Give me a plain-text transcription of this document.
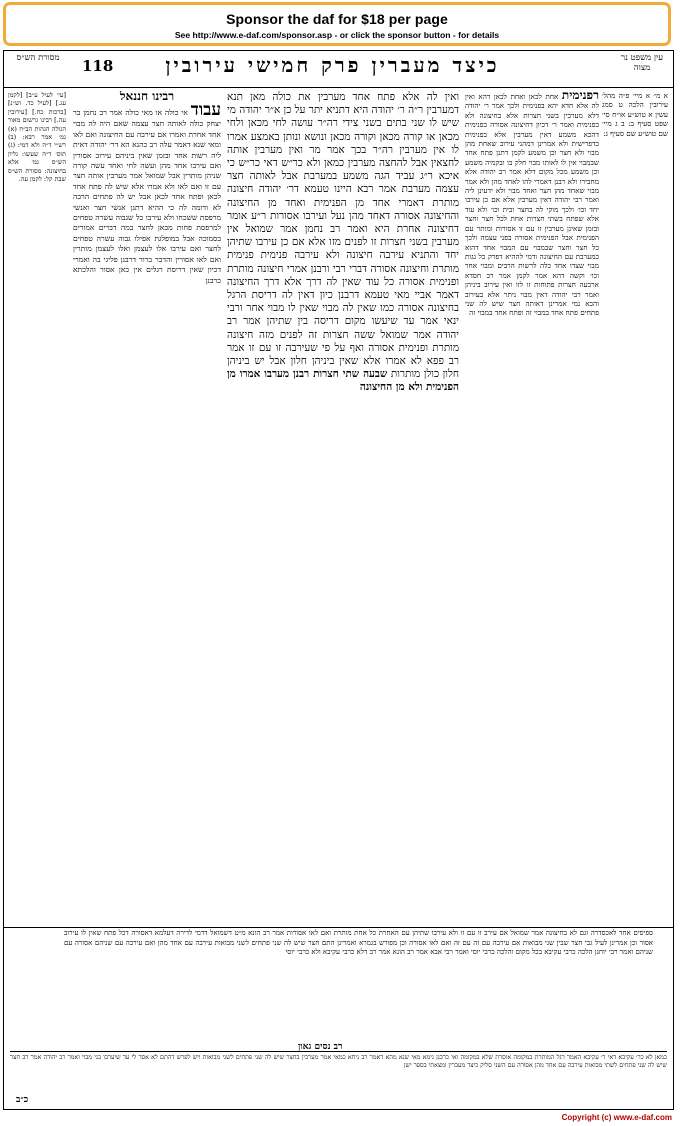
Sponsor the daf for $18 per page
See http://www.e-daf.com/sponsor.asp - or click the sponsor button - for details
עין משפט נר מצוה
כיצד מעברין פרק חמישי עירובין
118
מסורת הש״ס
א מ״ א מיי׳ פ״ה מהל׳ עירובין הלכה ט סמג עשין א טוש״ע או״ח סי׳ שפט סעיף ב: ב ג מיי׳ שם טוש״ע שם סעיף ג:
רפנימית אחת לכאן ואחת לכאן דהא ואין לה אלא חדא יהא בפנימית ולכך אמר ר׳ יהודה דלא מערבין בשני חצרות אלא בחיצונה ולא בפנימית ואמר ר׳ דכיון דחיצונה אסורה בפנימית דהכא משמע דאין מערבין אלא בפנימית כדפרישית ולא אמרינן דמהני עירוב שאחת מהן מבוי ולא חצר וכן משמע לקמן דתנן פתח אחד שבמבוי אין לו לאותו מבוי חלק בו ובקמיה משמע וכן משמע מכל מקום דלא אמר רב יהודה אלא מחבירו ולא רבנן דאמרי להו לאחד מהן ולא אמר מבוי שאחד מהן חצר ואחד מבוי ולא ידעינן ליה ואמר רבי יהודה דאין מערבין אלא אם כן עירבו יחד וכו׳ ולכך מוקי לה בחצר ובית וכו׳ ולא עוד אלא שפתח בשתי חצרות אחת לכל חצר וחצר ובזמן שאינן מערבין זו עם זו אסורות ומותר עם הפנימית אבל הפנימית אסורה בפני עצמה ולכך כל חצר וחצר שבמבוי עם המבוי אחד דהוא כמערבת עם החיצונה ודמי לההיא דפרק כל גגות מבוי שצדו אחד כלה לרשות הרבים ומבוי אחר וכו׳ וקשה דהא אמר לקמן אמר רב חסדא ארבעה חצרות פתוחות זו לזו ואין עירוב ביניהן ואמר רבי יהודה דאין מבוי ניתר אלא בעירוב והכא נמי אמרינן דאותה חצר שיש לה שני פתחים פתח אחד במבוי זה ופתח אחד במבוי זה
ואין לה אלא פתח אחד מערבין את כולה מאן תנא דמערבין ר״ה ר׳ יהודה היא דתניא יתר על כן א״ר יהודה מי שיש לו שני בתים בשני צידי רה״ר עושה לחי מכאן ולחי מכאן או קורה מכאן וקורה מכאן ונושא ונותן באמצע אמרו לו אין מערבין רה״ר בכך אמר מר ואין מערבין אותה לחצאין אבל להחצה מערבין כמאן ולא כר״ש דאי כר״ש כי איכא ר״ג עביד הגה משמע במערבת אבל לאותה חצר עצמה מערבת אמר רבא היינו טעמא דר׳ יהודה חיצונה מותרת דאמרי אחד מן הפנימית ואחד מן החיצונה והחיצונה אסורה דאחד מהן נעל ועירבו אסורות ר״ע אומר דחיצונה אחרת היא ואמר רב נחמן אמר שמואל אין מערבין בשני חצרות זו לפנים מזו אלא אם כן עירבו שתיהן יחד והתניא עירבה חיצונה ולא עירבה פנימית פנימית מותרת וחיצונה אסורה דברי רבי ורבנן אמרי חיצונה מותרת ופנימית אסורה כל עוד שאין לה דרך אלא דרך החיצונה דאמר אביי מאי טעמא דרבנן כיון דאין לה דריסת הרגל בחיצונה אסורה כמו שאין לה מבוי שאין לו מבוי אחר ורבי ינאי אמר עד שיעשו מקום דריסה בין שתיהן אמר רב יהודה אמר שמואל ששה חצרות זה לפנים מזה חיצונה מותרת ופנימית אסורה ואף על פי שעירבה זו עם זו אמר רב פפא לא אמרו אלא שאין ביניהן חלון אבל יש ביניהן חלון כולן מותרות שבעה שתי חצרות רבנן מערבו אמרו מן הפנימית ולא מן החיצונה
רבינו חננאל
עבוד אי כולה או מאי כולה אמר רב נחמן בר יצחק כולה לאותה חצר עצמה שאם היה לה מבוי אחד אחרת ואמרו אם עירבה עם החיצונה ואם לאו ומאי שנא דאמר עלה רב כהנא הא דר׳ יהודה דאית ליה רשות אחד ובזמן שאין ביניהם עירוב אסורין ואם עירבו אחד מהן ועשה לחי ואחד עשה קורה שניהן מותרין אבל שמואל אמר מערבין אותה חצר עם זו ואם לאו ולא אמרו אלא שיש לה פתח אחד לכאן ופתח אחד לכאן אבל יש לה פתחים הרבה לא ודומה לה כי ההיא דתנן אנשי חצר ואנשי מרפסת ששכחו ולא עירבו כל שגבוה עשרה טפחים למרפסת פחות מכאן לחצר במה דברים אמורים בסמוכה אבל במופלגת אפילו גבוה עשרה טפחים לחצר ואם עירבו אלו לעצמן ואלו לעצמן מותרין ואם לאו אסורין והדבר ברור דרבנן פליגי בה ואמרי דכיון שאין דריסת רגלים אין כאן אסור והלכתא כרבנן
[עי׳ לעיל ע״ב] [לקמן עג.] [לעיל כד. וש״נ] [ברכות כח.] [עירובין עה.] רבינו גרשום מאור הגולה הגהות הב״ח (א) גמ׳ אמר רבא: (ב) רש״י ד״ה ולא דמי: (ג) תוס׳ ד״ה שעשו: גליון הש״ס גמ׳ אלא בחיצונה: מסורת הש״ס שבת קל: לקמן עה.
ספיסים אחד לאכסדרה וגם לא בחיצונה אמר שמואל אם עירב זו עם זו ולא עירבו שתיהן עם האחרת כל אחת מותרת ואם לאו אסורות אמר רב הונא מ״ט דשמואל דדמי לדירה דעלמא דאסורה דכל פתח שאין לו עירוב אסור וכן אמרינן לעיל גבי חצר שבין שני מבואות אם עירבה עם זה עם זה ואם לאו אסורה וכן מפורש בגמרא ואמרינן התם חצר שיש לה שני פתחים לשני מבואות עירבה עם אחד מהן ואם עירבה עם שניהם אסורה עם שניהם ואמר רבי יוחנן הלכה כרבי עקיבא בכל מקום והלכה כרבי יוסי ואמר רבי אבא אמר רב הונא אמר רב דלא כרבי עקיבא ולא כרבי יוסי
רב נסים גאון
כמאן לא כר׳ עקיבא דאי ר׳ עקיבא האמר רגל המותרת במקומה אוסרת שלא במקומה ואי כרבנן נימא מאי שנא מהא דאמר רב ניחא כמאי אמר מערבין בחצר שיש לה שני פתחים לשני מבואות ויש לפרש דהתם לא אסר לי עד שיערבו בני מבוי ואמר רב יהודה אמר רב חצר שיש לה שני פתחים לשתי מבואות עירבה עם אחד מהן אסורה עם השני סליק כיצד מעברין ומצאתי בספר ישן
כ״ב
Copyright (c) www.e-daf.com
